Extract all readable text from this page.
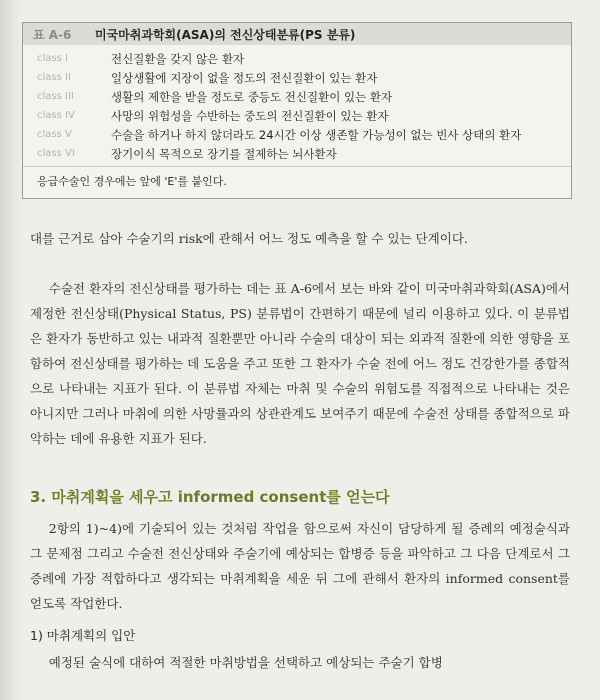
표 A-6	미국마취과학회(ASA)의 전신상태분류(PS 분류)
class I	전신질환을 갖지 않은 환자
class II	일상생활에 지장이 없을 정도의 전신질환이 있는 환자
class III	생활의 제한을 받을 정도로 중등도 전신질환이 있는 환자
class IV	사망의 위험성을 수반하는 중도의 전신질환이 있는 환자
class V	수술을 하거나 하지 않더라도 24시간 이상 생존할 가능성이 없는 빈사 상태의 환자
class VI	장기이식 목적으로 장기를 절제하는 뇌사환자
응급수술인 경우에는 앞에 'E'를 붙인다.
대를 근거로 삼아 수술기의 risk에 관해서 어느 정도 예측을 할 수 있는 단계이다.
수술전 환자의 전신상태를 평가하는 데는 표 A-6에서 보는 바와 같이 미국마취과학회(ASA)에서 제정한 전신상태(Physical Status, PS) 분류법이 간편하기 때문에 널리 이용하고 있다. 이 분류법은 환자가 동반하고 있는 내과적 질환뿐만 아니라 수술의 대상이 되는 외과적 질환에 의한 영향을 포함하여 전신상태를 평가하는 데 도움을 주고 또한 그 환자가 수술 전에 어느 정도 건강한가를 종합적으로 나타내는 지표가 된다. 이 분류법 자체는 마취 및 수술의 위험도를 직접적으로 나타내는 것은 아니지만 그러나 마취에 의한 사망률과의 상관관계도 보여주기 때문에 수술전 상태를 종합적으로 파악하는 데에 유용한 지표가 된다.
3. 마취계획을 세우고 informed consent를 얻는다
2항의 1)~4)에 기술되어 있는 것처럼 작업을 함으로써 자신이 담당하게 될 증례의 예정술식과 그 문제점 그리고 수술전 전신상태와 주술기에 예상되는 합병증 등을 파악하고 그 다음 단계로서 그 증례에 가장 적합하다고 생각되는 마취계획을 세운 뒤 그에 관해서 환자의 informed consent를 얻도록 작업한다.
1) 마취계획의 입안
예정된 술식에 대하여 적절한 마취방법을 선택하고 예상되는 주술기 합병
